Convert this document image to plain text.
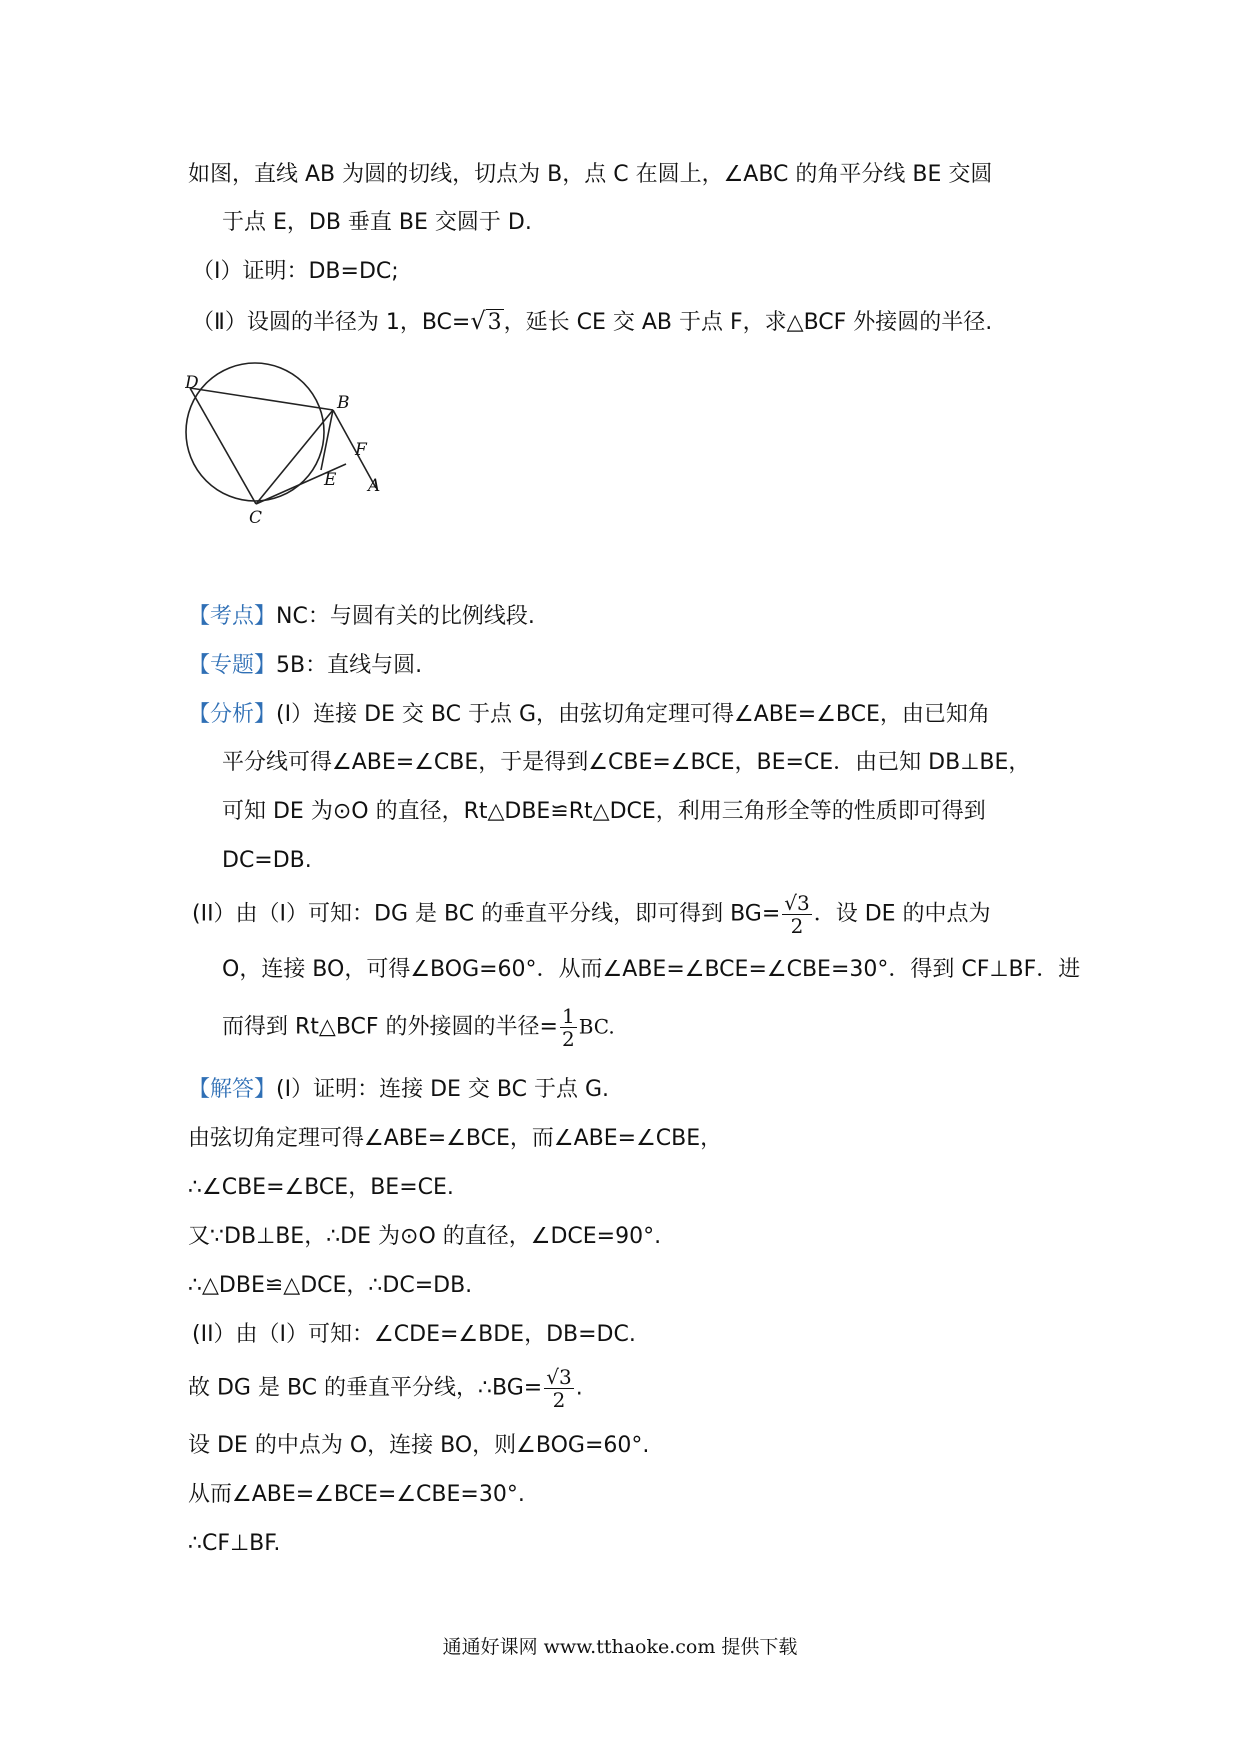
如图，直线 AB 为圆的切线，切点为 B，点 C 在圆上，∠ABC 的角平分线 BE 交圆
于点 E，DB 垂直 BE 交圆于 D.
（Ⅰ）证明：DB=DC;
（Ⅱ）设圆的半径为 1，BC=√3，延长 CE 交 AB 于点 F，求△BCF 外接圆的半径.
D
B
F
E A
C
【考点】NC：与圆有关的比例线段.
【专题】5B：直线与圆.
【分析】(I）连接 DE 交 BC 于点 G，由弦切角定理可得∠ABE=∠BCE，由已知角
平分线可得∠ABE=∠CBE，于是得到∠CBE=∠BCE，BE=CE．由已知 DB⊥BE，
可知 DE 为⊙O 的直径，Rt△DBE≌Rt△DCE，利用三角形全等的性质即可得到
DC=DB.
(II）由（I）可知：DG 是 BC 的垂直平分线，即可得到 $BG= \frac{√3}{2}$ ．设 DE 的中点为
O，连接 BO，可得∠BOG=60°．从而∠ABE=∠BCE=∠CBE=30°．得到 CF⊥BF．进
而得到 Rt△BCF 的外接圆的半径= $\frac{1}{2}$ BC.
【解答】(I）证明：连接 DE 交 BC 于点 G.
由弦切角定理可得∠ABE=∠BCE，而∠ABE=∠CBE，
∴∠CBE=∠BCE，BE=CE.
又∵DB⊥BE，∴DE 为⊙O 的直径，∠DCE=90°.
∴△DBE≌△DCE，∴DC=DB.
(II）由（I）可知：∠CDE=∠BDE，DB=DC.
故 DG 是 BC 的垂直平分线，∴BG= $\frac{√3}{2}$ .
设 DE 的中点为 O，连接 BO，则∠BOG=60°.
从而∠ABE=∠BCE=∠CBE=30°.
∴CF⊥BF.
通通好课网 www.tthaoke.com 提供下载
